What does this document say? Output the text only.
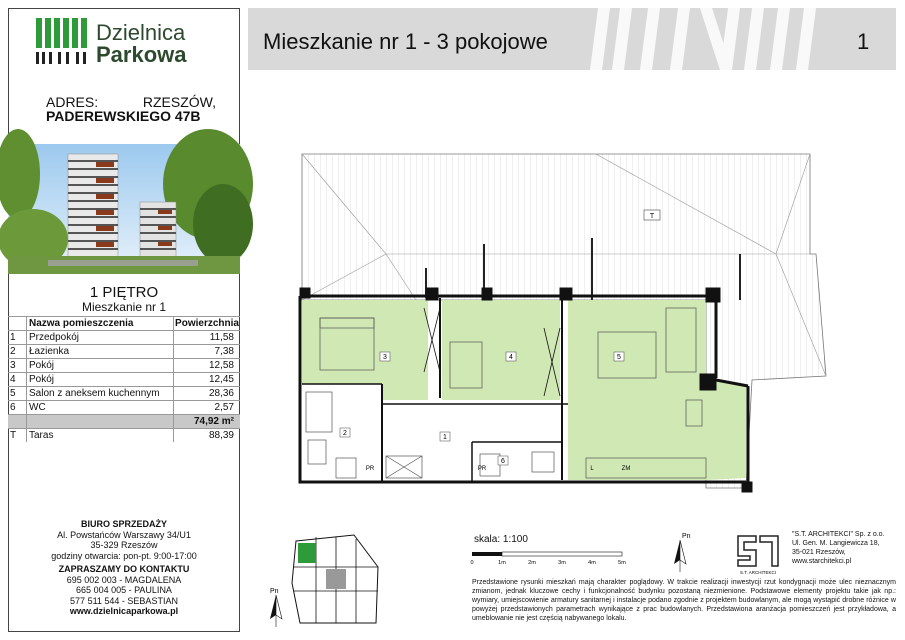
Dzielnica
Parkowa
ADRES:	RZESZÓW,
PADEREWSKIEGO 47B
1 PIĘTRO
Mieszkanie nr 1
	Nazwa pomieszczenia	Powierzchnia
1	Przedpokój	11,58
2	Łazienka	7,38
3	Pokój	12,58
4	Pokój	12,45
5	Salon z aneksem kuchennym	28,36
6	WC	2,57
		74,92 m²
T	Taras	88,39
BIURO SPRZEDAŻY
Al. Powstańców Warszawy 34/U1
35-329 Rzeszów
godziny otwarcia: pon-pt. 9:00-17:00
ZAPRASZAMY DO KONTAKTU
695 002 003 - MAGDALENA
665 004 005 - PAULINA
577 511 544 - SEBASTIAN
www.dzielnicaparkowa.pl
Mieszkanie nr 1 - 3 pokojowe	1
T
3	4	5
2
1
6
PR	PR	L	ZM
skala: 1:100
0	1m	2m	3m	4m	5m
Pn
S.T. ARCHITEKCI
"S.T. ARCHITEKCI" Sp. z o.o.
Ul. Gen. M. Langiewicza 18,
35-021 Rzeszów,
www.starchitekci.pl
Przedstawione rysunki mieszkań mają charakter poglądowy. W trakcie realizacji inwestycji rzut kondygnacji może ulec nieznacznym zmianom, jednak kluczowe cechy i funkcjonalność budynku pozostaną niezmienione. Podstawowe elementy projektu takie jak np.: wymiary, umiejscowienie armatury sanitarnej i instalacje podano zgodnie z projektem budowlanym, ale mogą wystąpić drobne różnice w powyżej przedstawionych parametrach wynikające z prac budowlanych. Przedstawiona aranżacja pomieszczeń jest przykładowa, a umeblowanie nie jest częścią nabywanego lokalu.
Pn
